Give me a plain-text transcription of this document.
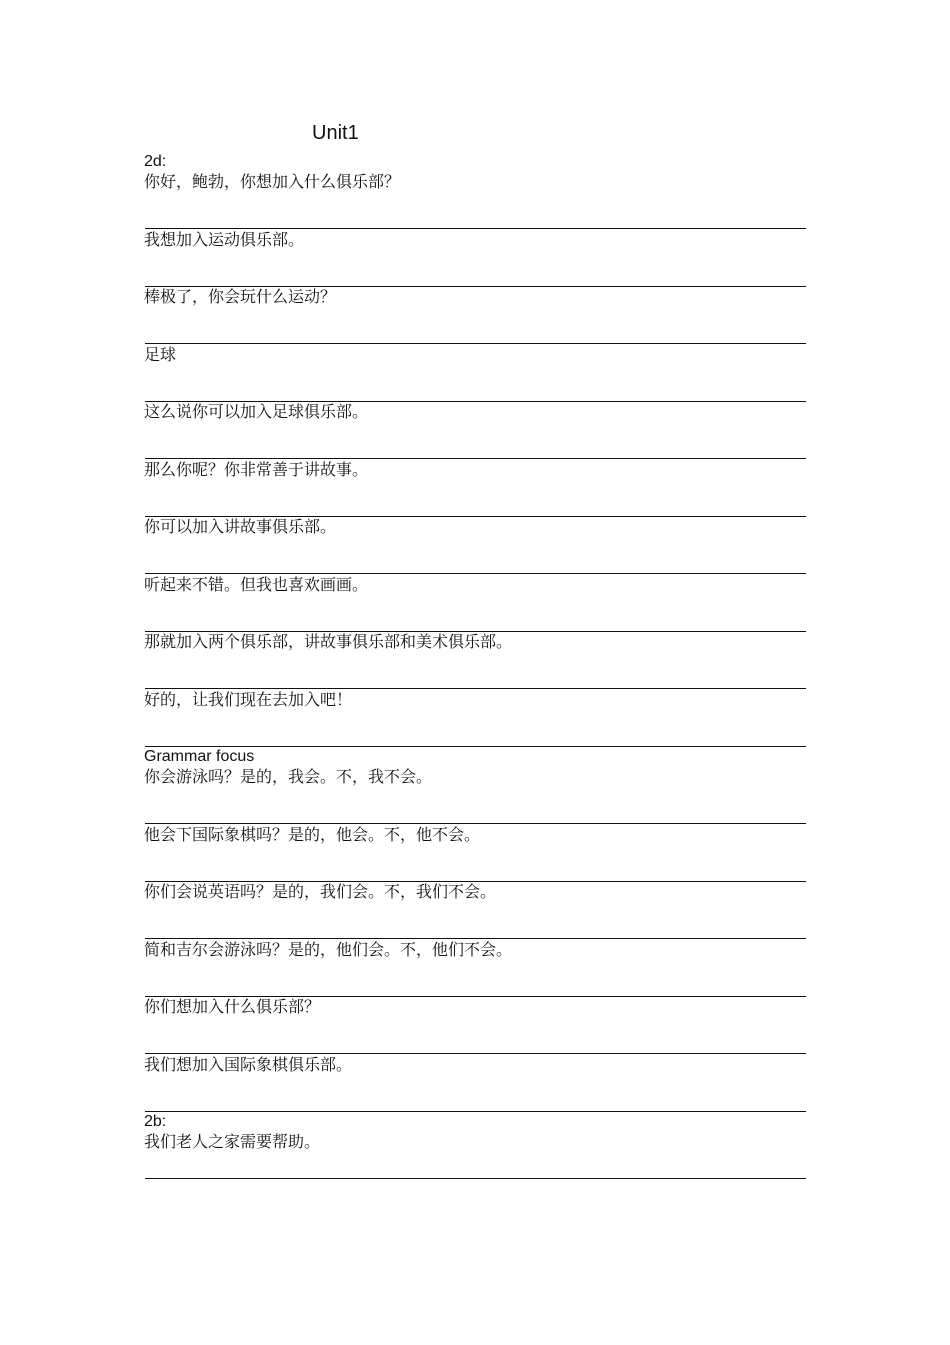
Unit1
2d:
你好，鲍勃，你想加入什么俱乐部？
我想加入运动俱乐部。
棒极了，你会玩什么运动？
足球
这么说你可以加入足球俱乐部。
那么你呢？你非常善于讲故事。
你可以加入讲故事俱乐部。
听起来不错。但我也喜欢画画。
那就加入两个俱乐部，讲故事俱乐部和美术俱乐部。
好的，让我们现在去加入吧！
Grammar focus
你会游泳吗？是的，我会。不，我不会。
他会下国际象棋吗？是的，他会。不，他不会。
你们会说英语吗？是的，我们会。不，我们不会。
简和吉尔会游泳吗？是的，他们会。不，他们不会。
你们想加入什么俱乐部？
我们想加入国际象棋俱乐部。
2b:
我们老人之家需要帮助。
